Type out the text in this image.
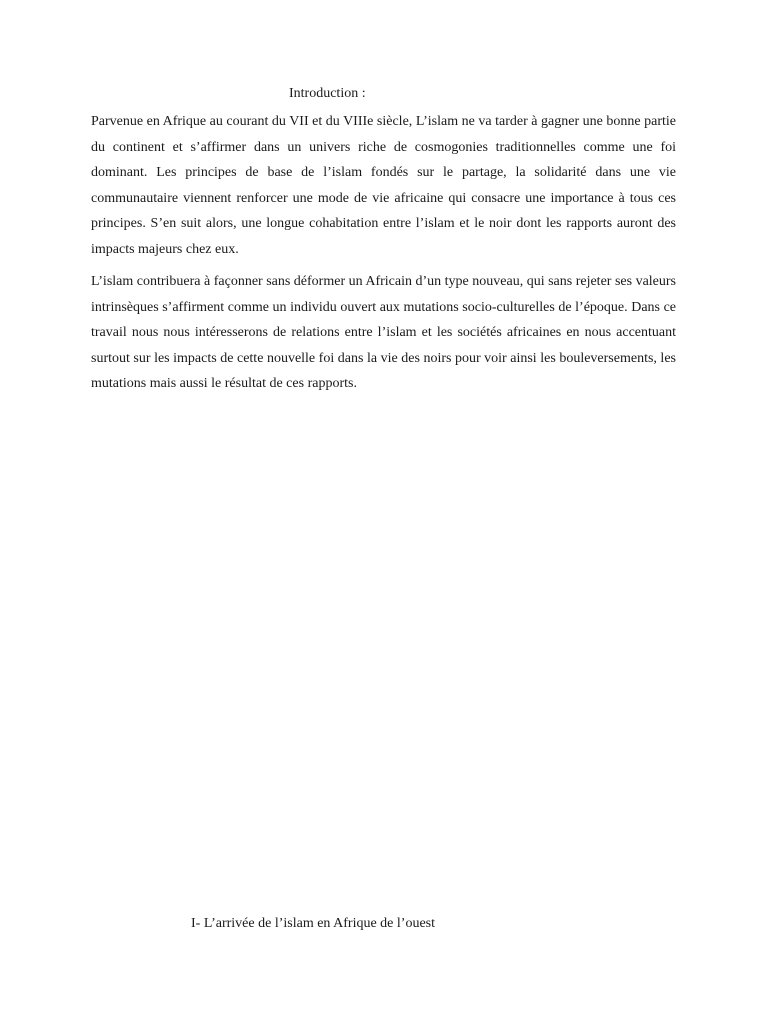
Introduction :

Parvenue en Afrique au courant du VII et du VIIIe siècle, L’islam ne va tarder à gagner une bonne partie du continent et s’affirmer dans un univers riche de cosmogonies traditionnelles comme une foi dominant. Les principes de base de l’islam fondés sur le partage, la solidarité dans une vie communautaire viennent renforcer une mode de vie africaine qui consacre une importance à tous ces principes. S’en suit alors, une longue cohabitation entre l’islam et le noir dont les rapports auront des impacts majeurs chez eux.

L’islam contribuera à façonner sans déformer un Africain d’un type nouveau, qui sans rejeter ses valeurs intrinsèques s’affirment comme un individu ouvert aux mutations socio-culturelles de l’époque. Dans ce travail nous nous intéresserons de relations entre l’islam et les sociétés africaines en nous accentuant surtout sur les impacts de cette nouvelle foi dans la vie des noirs pour voir ainsi les bouleversements, les mutations mais aussi le résultat de ces rapports.

I- L’arrivée de l’islam en Afrique de l’ouest
